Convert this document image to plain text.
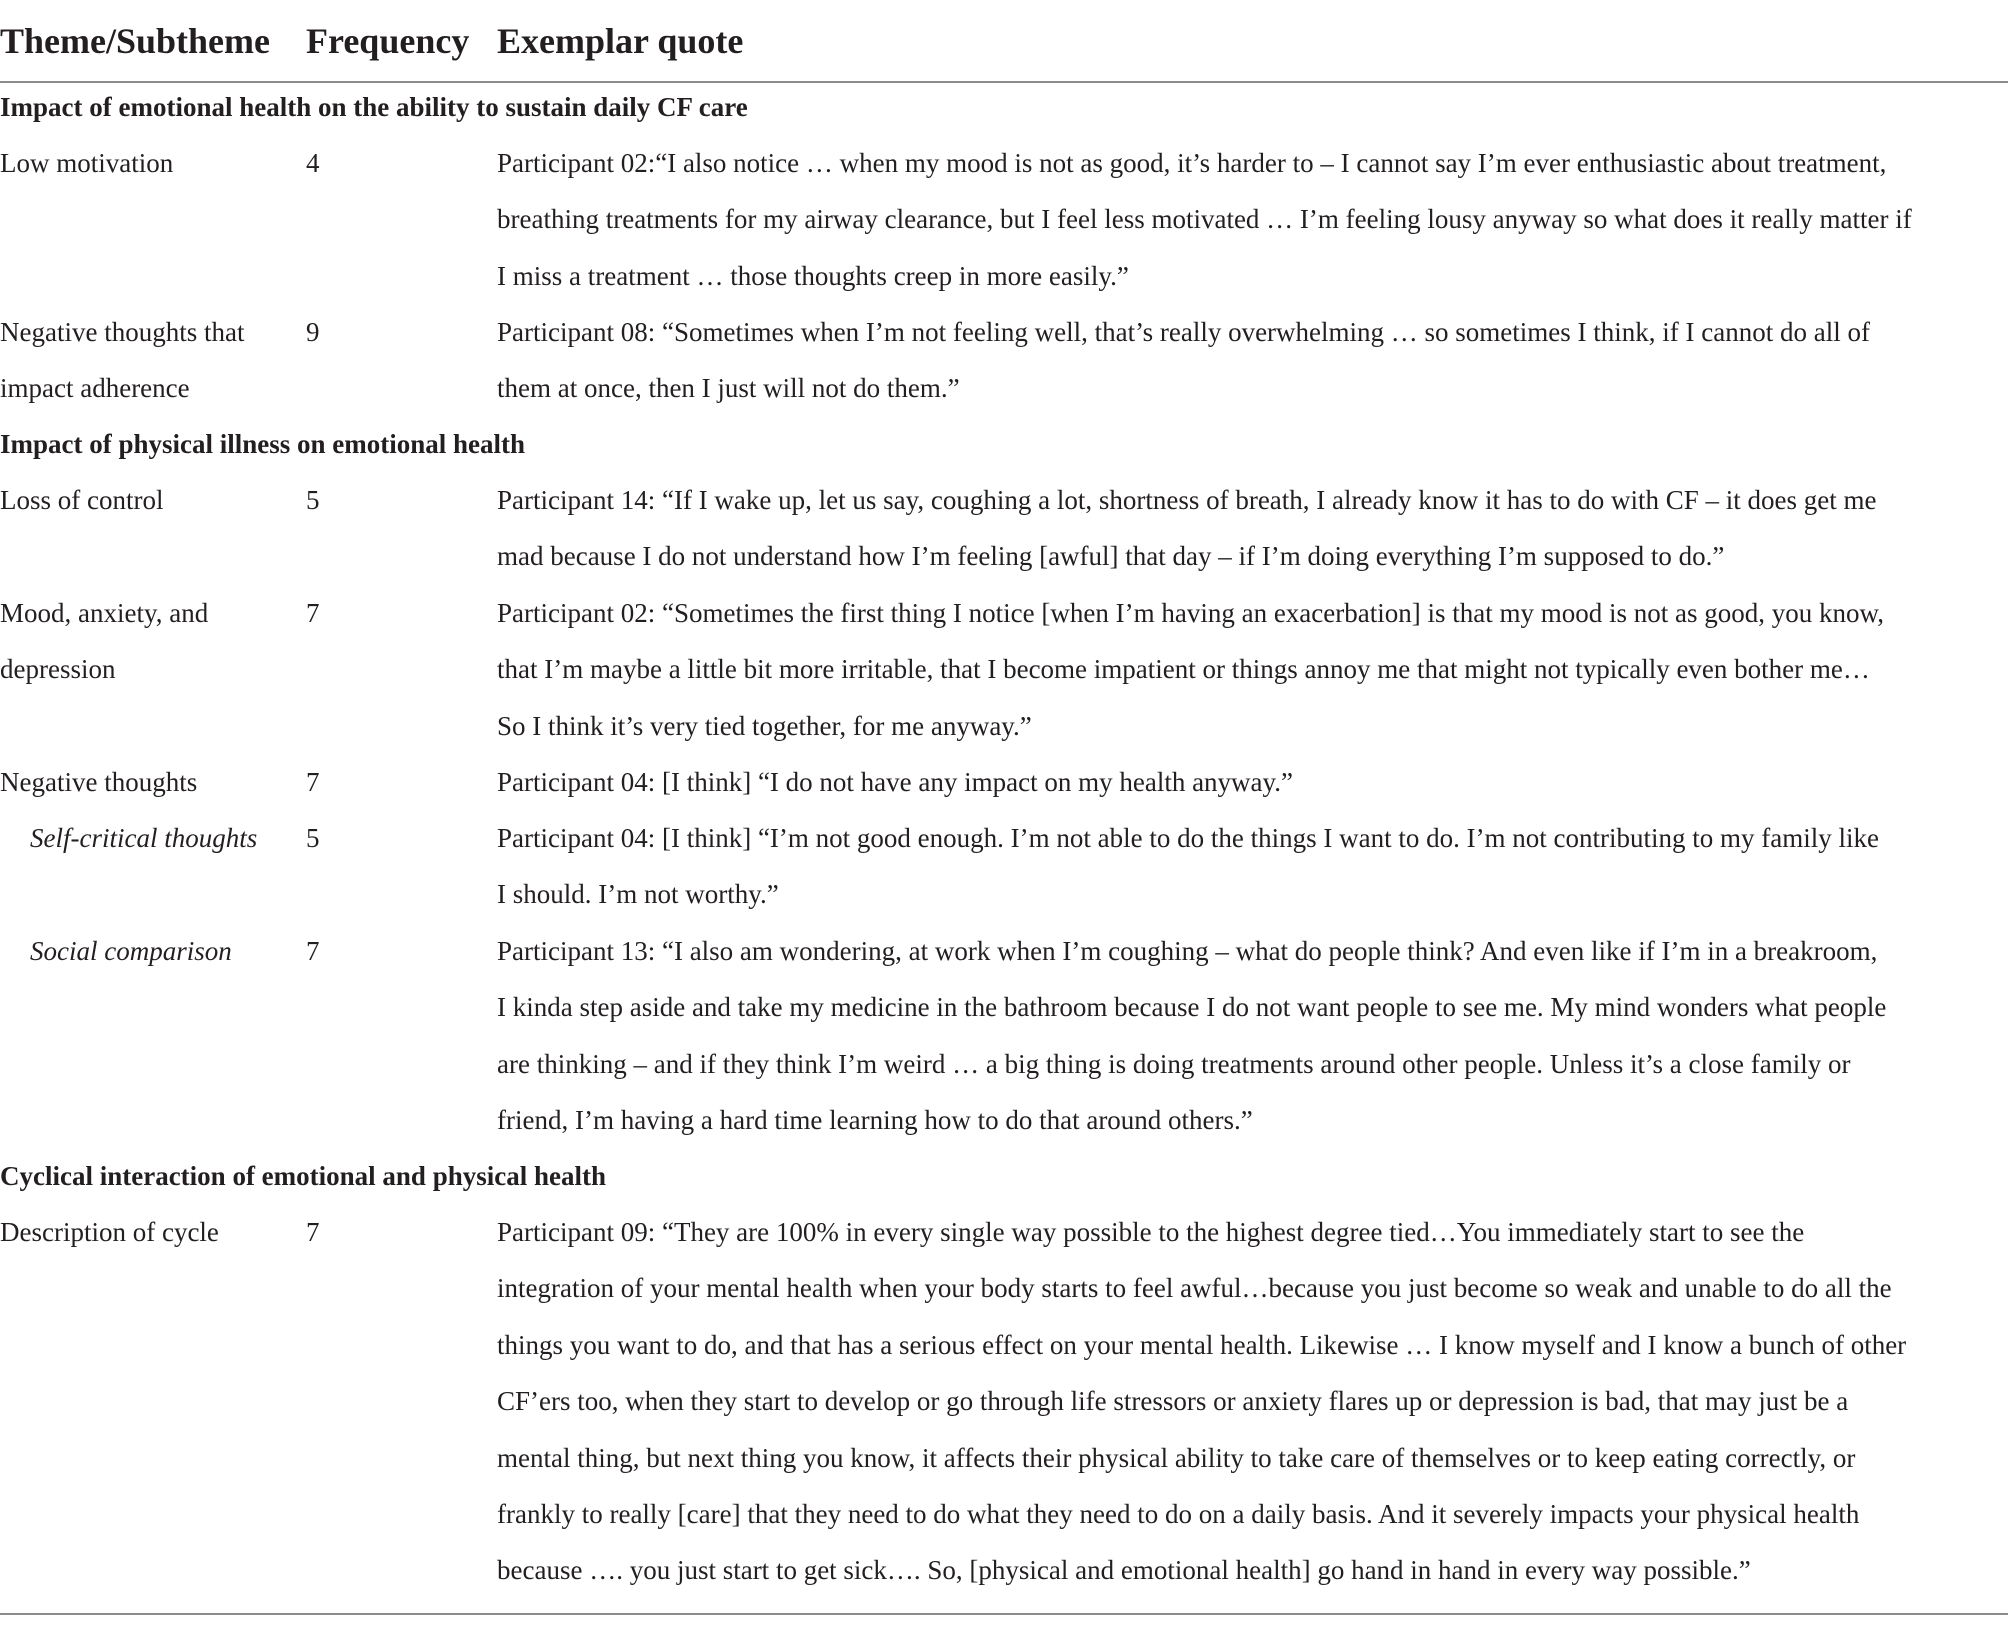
Theme/Subtheme Frequency Exemplar quote
Impact of emotional health on the ability to sustain daily CF care
Low motivation	4	Participant 02:“I also notice … when my mood is not as good, it’s harder to – I cannot say I’m ever enthusiastic about treatment,
breathing treatments for my airway clearance, but I feel less motivated … I’m feeling lousy anyway so what does it really matter if
I miss a treatment … those thoughts creep in more easily.”
Negative thoughts that
impact adherence
9	Participant 08: “Sometimes when I’m not feeling well, that’s really overwhelming … so sometimes I think, if I cannot do all of
them at once, then I just will not do them.”
Impact of physical illness on emotional health
Loss of control	5	Participant 14: “If I wake up, let us say, coughing a lot, shortness of breath, I already know it has to do with CF – it does get me
mad because I do not understand how I’m feeling [awful] that day – if I’m doing everything I’m supposed to do.”
Mood, anxiety, and
depression
7	Participant 02: “Sometimes the first thing I notice [when I’m having an exacerbation] is that my mood is not as good, you know,
that I’m maybe a little bit more irritable, that I become impatient or things annoy me that might not typically even bother me…
So I think it’s very tied together, for me anyway.”
Negative thoughts	7	Participant 04: [I think] “I do not have any impact on my health anyway.”
Self-critical thoughts 5	Participant 04: [I think] “I’m not good enough. I’m not able to do the things I want to do. I’m not contributing to my family like
I should. I’m not worthy.”
Social comparison	7	Participant 13: “I also am wondering, at work when I’m coughing – what do people think? And even like if I’m in a breakroom,
I kinda step aside and take my medicine in the bathroom because I do not want people to see me. My mind wonders what people
are thinking – and if they think I’m weird … a big thing is doing treatments around other people. Unless it’s a close family or
friend, I’m having a hard time learning how to do that around others.”
Cyclical interaction of emotional and physical health
Description of cycle	7	Participant 09: “They are 100% in every single way possible to the highest degree tied…You immediately start to see the
integration of your mental health when your body starts to feel awful…because you just become so weak and unable to do all the
things you want to do, and that has a serious effect on your mental health. Likewise … I know myself and I know a bunch of other
CF’ers too, when they start to develop or go through life stressors or anxiety flares up or depression is bad, that may just be a
mental thing, but next thing you know, it affects their physical ability to take care of themselves or to keep eating correctly, or
frankly to really [care] that they need to do what they need to do on a daily basis. And it severely impacts your physical health
because …. you just start to get sick…. So, [physical and emotional health] go hand in hand in every way possible.”
